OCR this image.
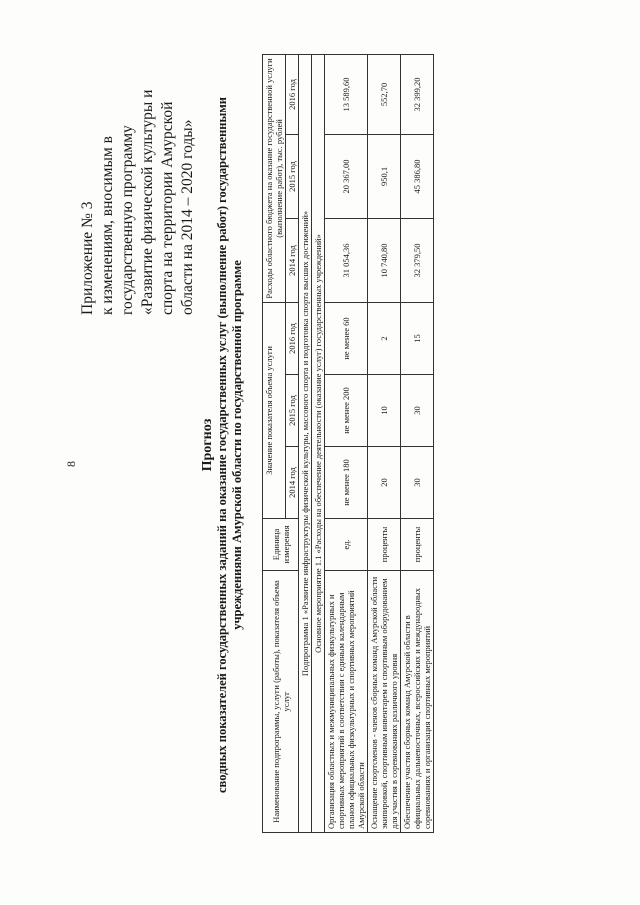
8
Приложение № 3 к изменениям, вносимым в государственную программу «Развитие физической культуры и спорта на территории Амурской области на 2014 – 2020 годы»
Прогноз сводных показателей государственных заданий на оказание государственных услуг (выполнение работ) государственными учреждениями Амурской области по государственной программе
Наименование подпрограммы, услуги (работы), показателя объема услуг	Единица измерения	Значение показателя объема услуги			Расходы областного бюджета на оказание государственной услуги (выполнение работ), тыс. рублей		
		2014 год	2015 год	2016 год	2014 год	2015 год	2016 год
Подпрограмма 1 «Развитие инфраструктуры физической культуры, массового спорта и подготовка спорта высших достижений»							
Основное мероприятие 1.1 «Расходы на обеспечение деятельности (оказание услуг) государственных учреждений»							
Организация областных и межмуниципальных физкультурных и спортивных мероприятий в соответствии с единым календарным планом официальных физкультурных и спортивных мероприятий Амурской области	ед.	не менее 180	не менее 200	не менее 60	31 054,36	20 367,00	13 589,60
Оснащение спортсменов - членов сборных команд Амурской области экипировкой, спортивным инвентарем и спортивным оборудованием для участия в соревнованиях различного уровня	проценты	20	10	2	10 740,80	950,1	552,70
Обеспечение участия сборных команд Амурской области в официальных дальневосточных, всероссийских и международных соревнованиях и организация спортивных мероприятий	проценты	30	30	15	32 379,50	45 386,80	32 399,20
